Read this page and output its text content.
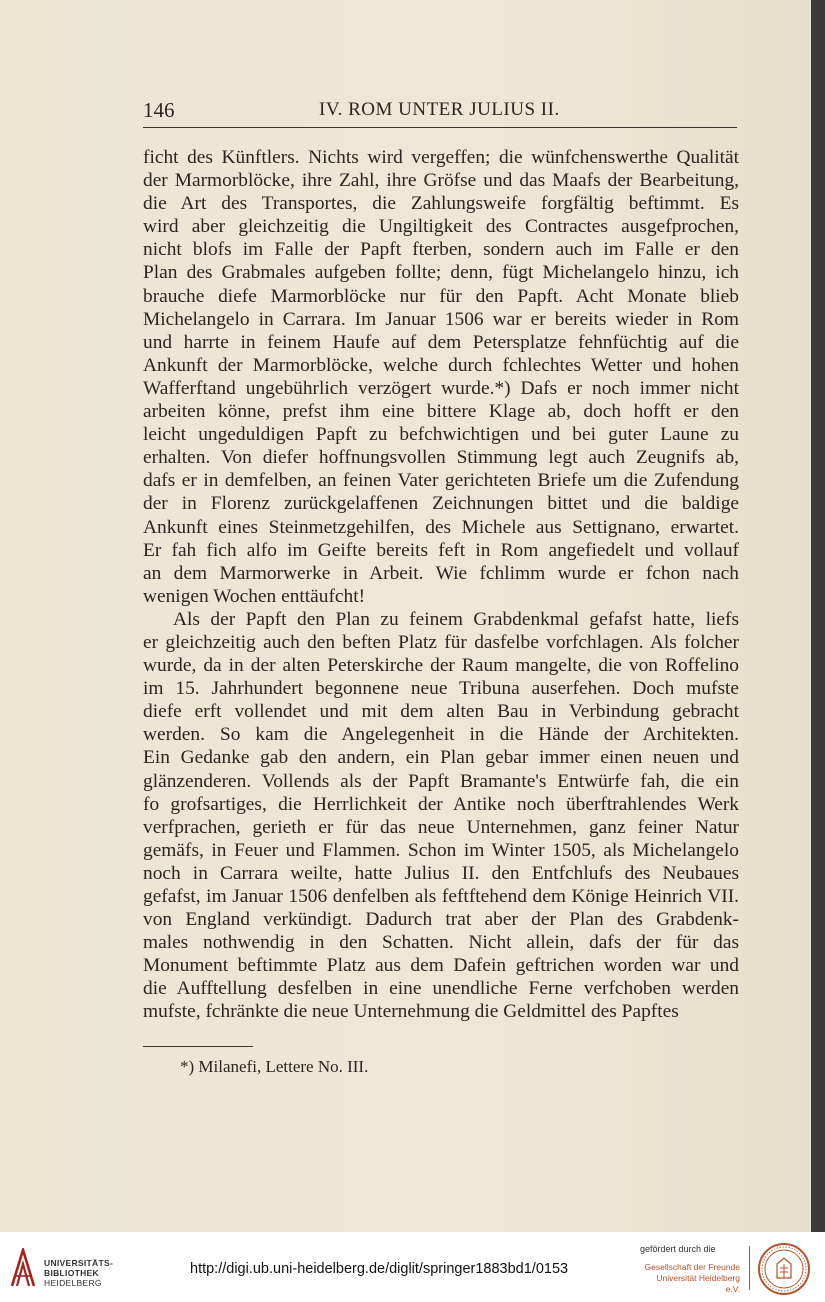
146	IV. ROM UNTER JULIUS II.
ficht des Künftlers. Nichts wird vergeffen; die wünfchenswerthe Qualität
der Marmorblöcke, ihre Zahl, ihre Gröfse und das Maafs der Bearbeitung,
die Art des Transportes, die Zahlungsweife forgfältig beftimmt. Es
wird aber gleichzeitig die Ungiltigkeit des Contractes ausgefprochen,
nicht blofs im Falle der Papft fterben, sondern auch im Falle er den
Plan des Grabmales aufgeben follte; denn, fügt Michelangelo hinzu, ich
brauche diefe Marmorblöcke nur für den Papft. Acht Monate blieb
Michelangelo in Carrara. Im Januar 1506 war er bereits wieder in Rom
und harrte in feinem Haufe auf dem Petersplatze fehnfüchtig auf die
Ankunft der Marmorblöcke, welche durch fchlechtes Wetter und hohen
Wafferftand ungebührlich verzögert wurde.*) Dafs er noch immer nicht
arbeiten könne, prefst ihm eine bittere Klage ab, doch hofft er den
leicht ungeduldigen Papft zu befchwichtigen und bei guter Laune zu
erhalten. Von diefer hoffnungsvollen Stimmung legt auch Zeugnifs ab,
dafs er in demfelben, an feinen Vater gerichteten Briefe um die Zufendung
der in Florenz zurückgelaffenen Zeichnungen bittet und die baldige
Ankunft eines Steinmetzgehilfen, des Michele aus Settignano, erwartet.
Er fah fich alfo im Geifte bereits feft in Rom angefiedelt und vollauf
an dem Marmorwerke in Arbeit. Wie fchlimm wurde er fchon nach
wenigen Wochen enttäufcht!
Als der Papft den Plan zu feinem Grabdenkmal gefafst hatte, liefs
er gleichzeitig auch den beften Platz für dasfelbe vorfchlagen. Als folcher
wurde, da in der alten Peterskirche der Raum mangelte, die von Roffelino
im 15. Jahrhundert begonnene neue Tribuna auserfehen. Doch mufste
diefe erft vollendet und mit dem alten Bau in Verbindung gebracht
werden. So kam die Angelegenheit in die Hände der Architekten.
Ein Gedanke gab den andern, ein Plan gebar immer einen neuen und
glänzenderen. Vollends als der Papft Bramante's Entwürfe fah, die ein
fo grofsartiges, die Herrlichkeit der Antike noch überftrahlendes Werk
verfprachen, gerieth er für das neue Unternehmen, ganz feiner Natur
gemäfs, in Feuer und Flammen. Schon im Winter 1505, als Michelangelo
noch in Carrara weilte, hatte Julius II. den Entfchlufs des Neubaues
gefafst, im Januar 1506 denfelben als feftftehend dem Könige Heinrich VII.
von England verkündigt. Dadurch trat aber der Plan des Grabdenk-
males nothwendig in den Schatten. Nicht allein, dafs der für das
Monument beftimmte Platz aus dem Dafein geftrichen worden war und
die Aufftellung desfelben in eine unendliche Ferne verfchoben werden
mufste, fchränkte die neue Unternehmung die Geldmittel des Papftes
*) Milanefi, Lettere No. III.
UNIVERSITÄTS-
BIBLIOTHEK
HEIDELBERG
http://digi.ub.uni-heidelberg.de/diglit/springer1883bd1/0153
gefördert durch die
Gesellschaft der Freunde
Universität Heidelberg e.V.
